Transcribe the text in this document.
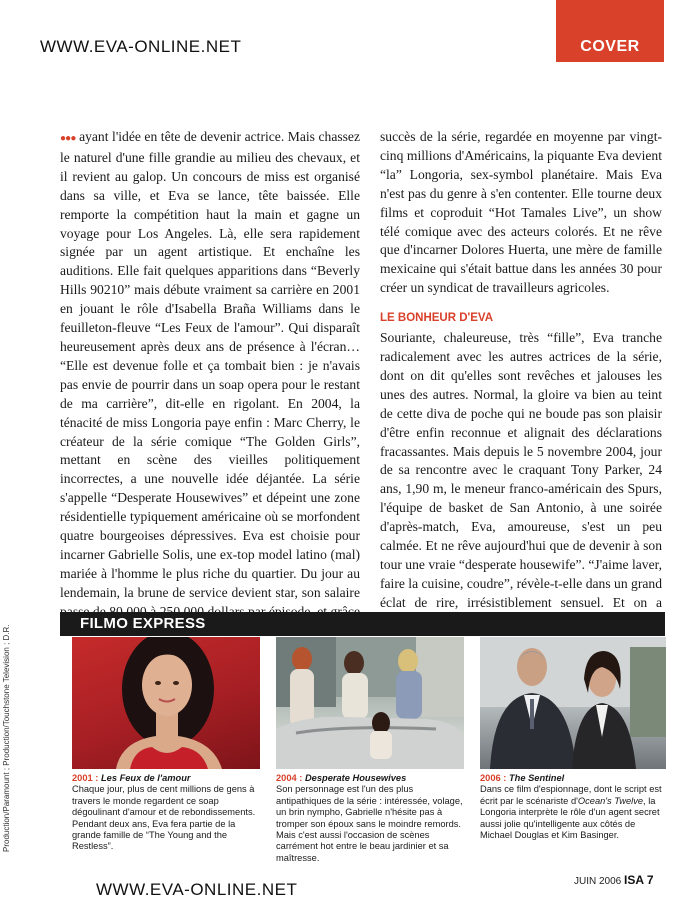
WWW.EVA-ONLINE.NET	COVER

●●● ayant l'idée en tête de devenir actrice. Mais chassez le naturel d'une fille grandie au milieu des chevaux, et il revient au galop. Un concours de miss est organisé dans sa ville, et Eva se lance, tête baissée. Elle remporte la compétition haut la main et gagne un voyage pour Los Angeles. Là, elle sera rapidement signée par un agent artistique. Et enchaîne les auditions. Elle fait quelques apparitions dans “Beverly Hills 90210” mais débute vraiment sa carrière en 2001 en jouant le rôle d'Isabella Braña Williams dans le feuilleton-fleuve “Les Feux de l'amour”. Qui disparaît heureusement après deux ans de présence à l'écran… “Elle est devenue folle et ça tombait bien : je n'avais pas envie de pourrir dans un soap opera pour le restant de ma carrière”, dit-elle en rigolant. En 2004, la ténacité de miss Longoria paye enfin : Marc Cherry, le créateur de la série comique “The Golden Girls”, mettant en scène des vieilles politiquement incorrectes, a une nouvelle idée déjantée. La série s'appelle “Desperate Housewives” et dépeint une zone résidentielle typiquement américaine où se morfondent quatre bourgeoises dépressives. Eva est choisie pour incarner Gabrielle Solis, une ex-top model latino (mal) mariée à l'homme le plus riche du quartier. Du jour au lendemain, la brune de service devient star, son salaire

succès de la série, regardée en moyenne par vingt-cinq millions d'Américains, la piquante Eva devient “la” Longoria, sex-symbol planétaire. Mais Eva n'est pas du genre à s'en contenter. Elle tourne deux films et coproduit “Hot Tamales Live”, un show télé comique avec des acteurs colorés. Et ne rêve que d'incarner Dolores Huerta, une mère de famille mexicaine qui s'était battue dans les années 30 pour créer un syndicat de travailleurs agricoles.

LE BONHEUR D'EVA

Souriante, chaleureuse, très “fille”, Eva tranche radicalement avec les autres actrices de la série, dont on dit qu'elles sont revêches et jalouses les unes des autres. Normal, la gloire va bien au teint de cette diva de poche qui ne boude pas son plaisir d'être enfin reconnue et alignait des déclarations fracassantes. Mais depuis le 5 novembre 2004, jour de sa rencontre avec le craquant Tony Parker, 24 ans, 1,90 m, le meneur franco-américain des Spurs, l'équipe de basket de San Antonio, à une soirée d'après-match, Eva, amoureuse, s'est un peu calmée. Et ne rêve aujourd'hui que de devenir à son tour une vraie “desperate housewife”. “J'aime laver, faire la cuisine, coudre”, révèle-t-elle dans un grand éclat de rire, irrésistiblement sensuel. Et on a

FILMO EXPRESS
2001 : Les Feux de l'amour
Chaque jour, plus de cent millions de gens à travers le monde regardent ce soap dégoulinant d'amour et de rebondissements. Pendant deux ans, Eva fera partie de la grande famille de “The Young and the Restless”.
2004 : Desperate Housewives
Son personnage est l'un des plus antipathiques de la série : intéressée, volage, un brin nympho, Gabrielle n'hésite pas à tromper son époux sans le moindre remords. Mais c'est aussi l'occasion de scènes carrément hot entre le beau jardinier et sa maîtresse.
2006 : The Sentinel
Dans ce film d'espionnage, dont le script est écrit par le scénariste d'Ocean's Twelve, la Longoria interprète le rôle d'un agent secret aussi jolie qu'intelligente aux côtés de Michael Douglas et Kim Basinger.
Production/Paramount ; Production/Touchstone Television ; D.R.
JUIN 2006 ISA 7
WWW.EVA-ONLINE.NET
